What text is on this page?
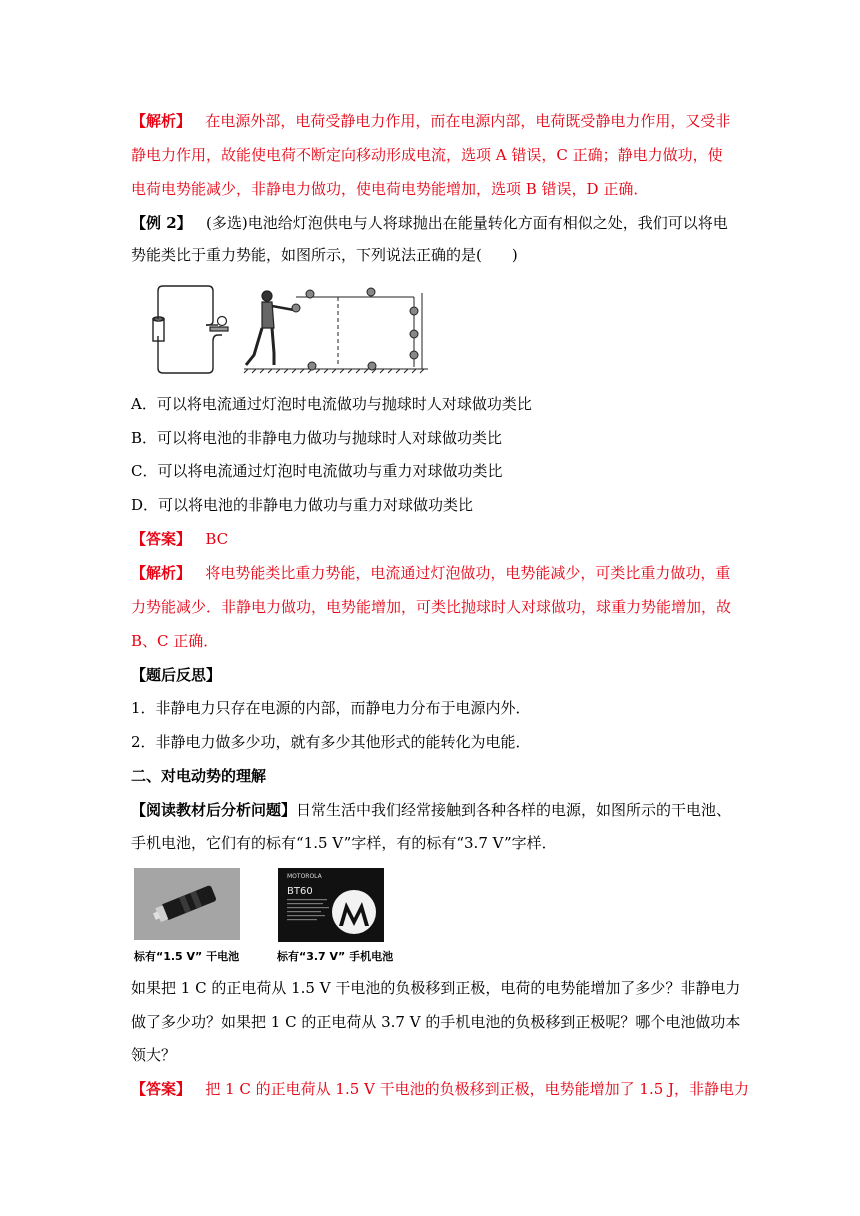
【解析】 在电源外部，电荷受静电力作用，而在电源内部，电荷既受静电力作用，又受非
静电力作用，故能使电荷不断定向移动形成电流，选项 A 错误，C 正确；静电力做功，使
电荷电势能减少，非静电力做功，使电荷电势能增加，选项 B 错误，D 正确．
【例 2】 (多选)电池给灯泡供电与人将球抛出在能量转化方面有相似之处，我们可以将电
势能类比于重力势能，如图所示，下列说法正确的是(　　)
A．可以将电流通过灯泡时电流做功与抛球时人对球做功类比
B．可以将电池的非静电力做功与抛球时人对球做功类比
C．可以将电流通过灯泡时电流做功与重力对球做功类比
D．可以将电池的非静电力做功与重力对球做功类比
【答案】 BC
【解析】 将电势能类比重力势能，电流通过灯泡做功，电势能减少，可类比重力做功，重
力势能减少．非静电力做功，电势能增加，可类比抛球时人对球做功，球重力势能增加，故
B、C 正确．
【题后反思】
1．非静电力只存在电源的内部，而静电力分布于电源内外．
2．非静电力做多少功，就有多少其他形式的能转化为电能．
二、对电动势的理解
【阅读教材后分析问题】日常生活中我们经常接触到各种各样的电源，如图所示的干电池、
手机电池，它们有的标有“1.5 V”字样，有的标有“3.7 V”字样．
MOTOROLA
BT60
标有“1.5 V” 干电池	标有“3.7 V” 手机电池
如果把 1 C 的正电荷从 1.5 V 干电池的负极移到正极，电荷的电势能增加了多少？非静电力
做了多少功？如果把 1 C 的正电荷从 3.7 V 的手机电池的负极移到正极呢？哪个电池做功本
领大？
【答案】 把 1 C 的正电荷从 1.5 V 干电池的负极移到正极，电势能增加了 1.5 J，非静电力
